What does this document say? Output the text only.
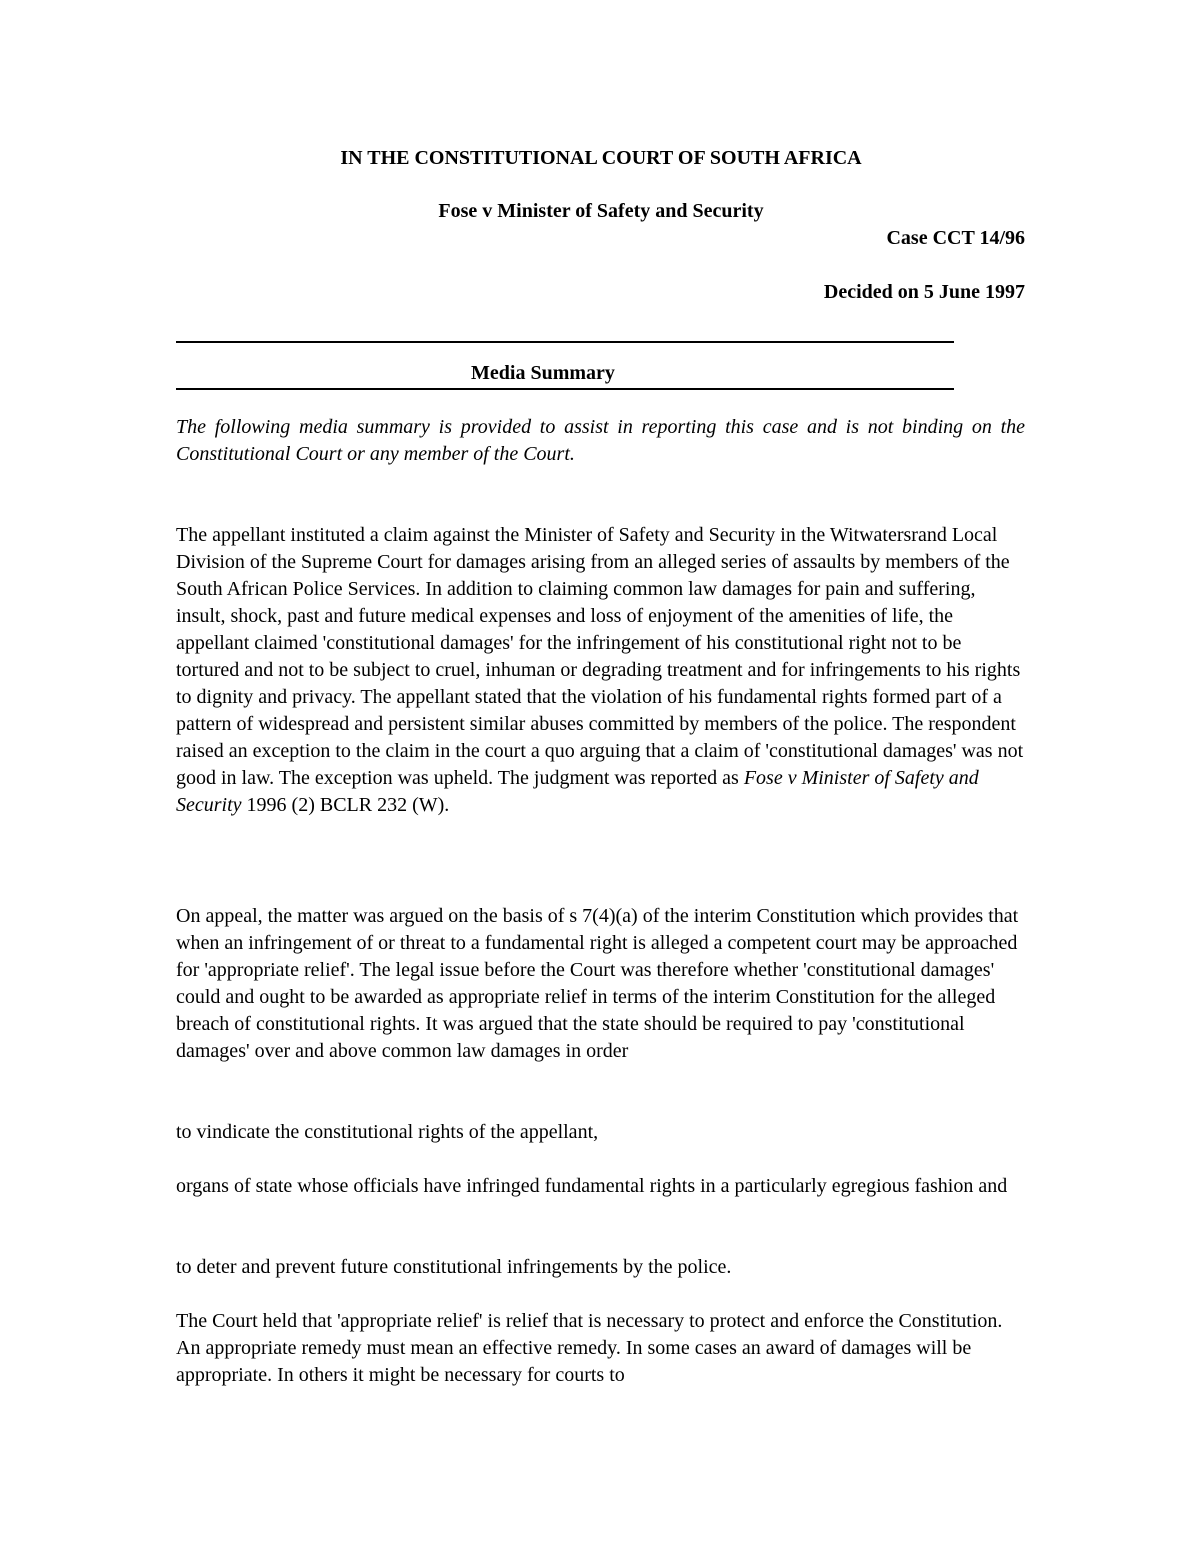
IN THE CONSTITUTIONAL COURT OF SOUTH AFRICA
Fose v Minister of Safety and Security
Case CCT 14/96
Decided on 5 June 1997
Media Summary
The following media summary is provided to assist in reporting this case and is not binding on the Constitutional Court or any member of the Court.

The appellant instituted a claim against the Minister of Safety and Security in the Witwatersrand Local Division of the Supreme Court for damages arising from an alleged series of assaults by members of the South African Police Services. In addition to claiming common law damages for pain and suffering, insult, shock, past and future medical expenses and loss of enjoyment of the amenities of life, the appellant claimed 'constitutional damages' for the infringement of his constitutional right not to be tortured and not to be subject to cruel, inhuman or degrading treatment and for infringements to his rights to dignity and privacy. The appellant stated that the violation of his fundamental rights formed part of a pattern of widespread and persistent similar abuses committed by members of the police. The respondent raised an exception to the claim in the court a quo arguing that a claim of 'constitutional damages' was not good in law. The exception was upheld. The judgment was reported as Fose v Minister of Safety and Security 1996 (2) BCLR 232 (W).

On appeal, the matter was argued on the basis of s 7(4)(a) of the interim Constitution which provides that when an infringement of or threat to a fundamental right is alleged a competent court may be approached for 'appropriate relief'. The legal issue before the Court was therefore whether 'constitutional damages' could and ought to be awarded as appropriate relief in terms of the interim Constitution for the alleged breach of constitutional rights. It was argued that the state should be required to pay 'constitutional damages' over and above common law damages in order
to vindicate the constitutional rights of the appellant,
organs of state whose officials have infringed fundamental rights in a particularly egregious fashion and
to deter and prevent future constitutional infringements by the police.
The Court held that 'appropriate relief' is relief that is necessary to protect and enforce the Constitution. An appropriate remedy must mean an effective remedy. In some cases an award of damages will be appropriate. In others it might be necessary for courts to
